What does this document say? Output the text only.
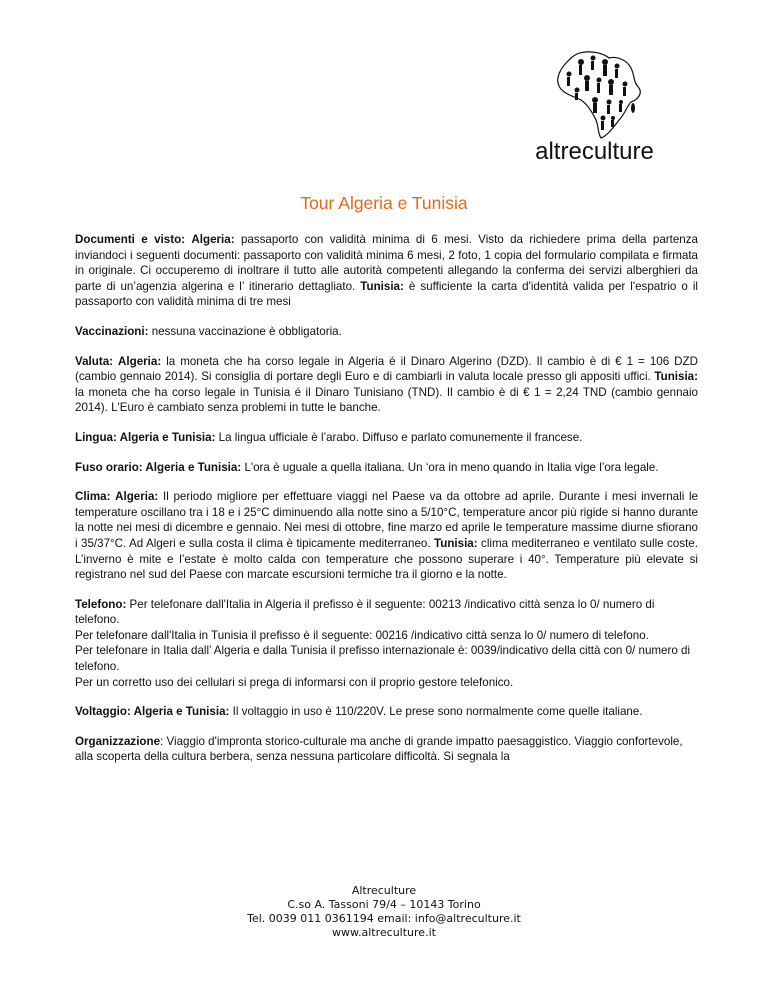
altreculture
Tour Algeria e Tunisia

Documenti e visto: Algeria: passaporto con validità minima di 6 mesi. Visto da richiedere prima della partenza inviandoci i seguenti documenti: passaporto con validità minima 6 mesi, 2 foto, 1 copia del formulario compilata e firmata in originale. Ci occuperemo di inoltrare il tutto alle autorità competenti allegando la conferma dei servizi alberghieri da parte di un’agenzia algerina e l’ itinerario dettagliato. Tunisia: è sufficiente la carta d'identità valida per l'espatrio o il passaporto con validità minima di tre mesi

Vaccinazioni: nessuna vaccinazione è obbligatoria.

Valuta: Algeria: la moneta che ha corso legale in Algeria é il Dinaro Algerino (DZD). Il cambio è di € 1 = 106 DZD (cambio gennaio 2014). Si consiglia di portare degli Euro e di cambiarli in valuta locale presso gli appositi uffici. Tunisia: la moneta che ha corso legale in Tunisia é il Dinaro Tunisiano (TND). Il cambio è di € 1 = 2,24 TND (cambio gennaio 2014). L'Euro è cambiato senza problemi in tutte le banche.

Lingua: Algeria e Tunisia: La lingua ufficiale è l’arabo. Diffuso e parlato comunemente il francese.

Fuso orario: Algeria e Tunisia: L'ora è uguale a quella italiana. Un ‘ora in meno quando in Italia vige l’ora legale.

Clima: Algeria: Il periodo migliore per effettuare viaggi nel Paese va da ottobre ad aprile. Durante i mesi invernali le temperature oscillano tra i 18 e i 25°C diminuendo alla notte sino a 5/10°C, temperature ancor più rigide si hanno durante la notte nei mesi di dicembre e gennaio. Nei mesi di ottobre, fine marzo ed aprile le temperature massime diurne sfiorano i 35/37°C. Ad Algeri e sulla costa il clima è tipicamente mediterraneo. Tunisia: clima mediterraneo e ventilato sulle coste. L’inverno è mite e l’estate è molto calda con temperature che possono superare i 40°. Temperature più elevate si registrano nel sud del Paese con marcate escursioni termiche tra il giorno e la notte.

Telefono: Per telefonare dall'Italia in Algeria il prefisso è il seguente: 00213 /indicativo città senza lo 0/ numero di telefono.
Per telefonare dall'Italia in Tunisia il prefisso è il seguente: 00216 /indicativo città senza lo 0/ numero di telefono.
Per telefonare in Italia dall’ Algeria e dalla Tunisia il prefisso internazionale è: 0039/indicativo della città con 0/ numero di telefono.
Per un corretto uso dei cellulari si prega di informarsi con il proprio gestore telefonico.

Voltaggio: Algeria e Tunisia: Il voltaggio in uso è 110/220V. Le prese sono normalmente come quelle italiane.

Organizzazione: Viaggio d'impronta storico-culturale ma anche di grande impatto paesaggistico. Viaggio confortevole, alla scoperta della cultura berbera, senza nessuna particolare difficoltà. Si segnala la

Altreculture
C.so A. Tassoni 79/4 – 10143 Torino
Tel. 0039 011 0361194 email: info@altreculture.it
www.altreculture.it
